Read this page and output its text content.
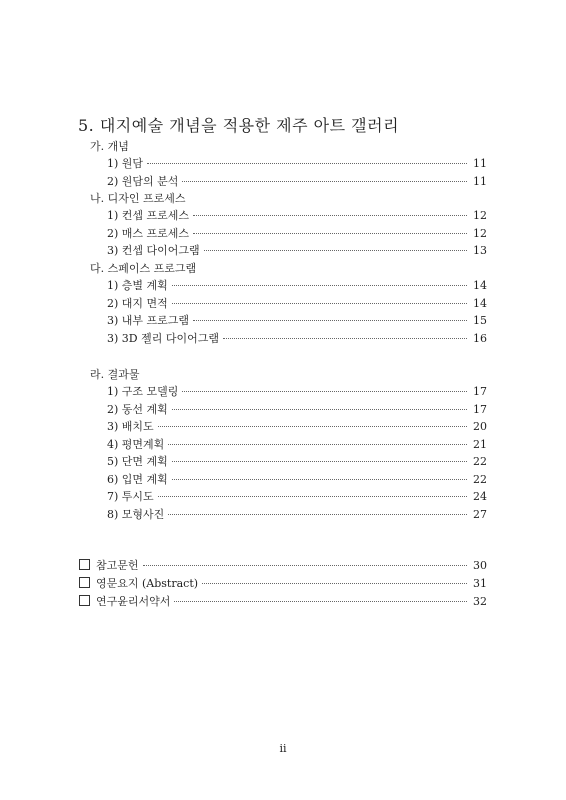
5. 대지예술 개념을 적용한 제주 아트 갤러리
가. 개념
1) 원담	11
2) 원담의 분석	11
나. 디자인 프로세스
1) 컨셉 프로세스	12
2) 매스 프로세스	12
3) 컨셉 다이어그램	13
다. 스페이스 프로그램
1) 층별 계획	14
2) 대지 면적	14
3) 내부 프로그램	15
3) 3D 젤리 다이어그램	16
라. 결과물
1) 구조 모델링	17
2) 동선 계획	17
3) 배치도	20
4) 평면계획	21
5) 단면 계획	22
6) 입면 계획	22
7) 투시도	24
8) 모형사진	27
참고문헌	30
영문요지 (Abstract)	31
연구윤리서약서	32
ii
